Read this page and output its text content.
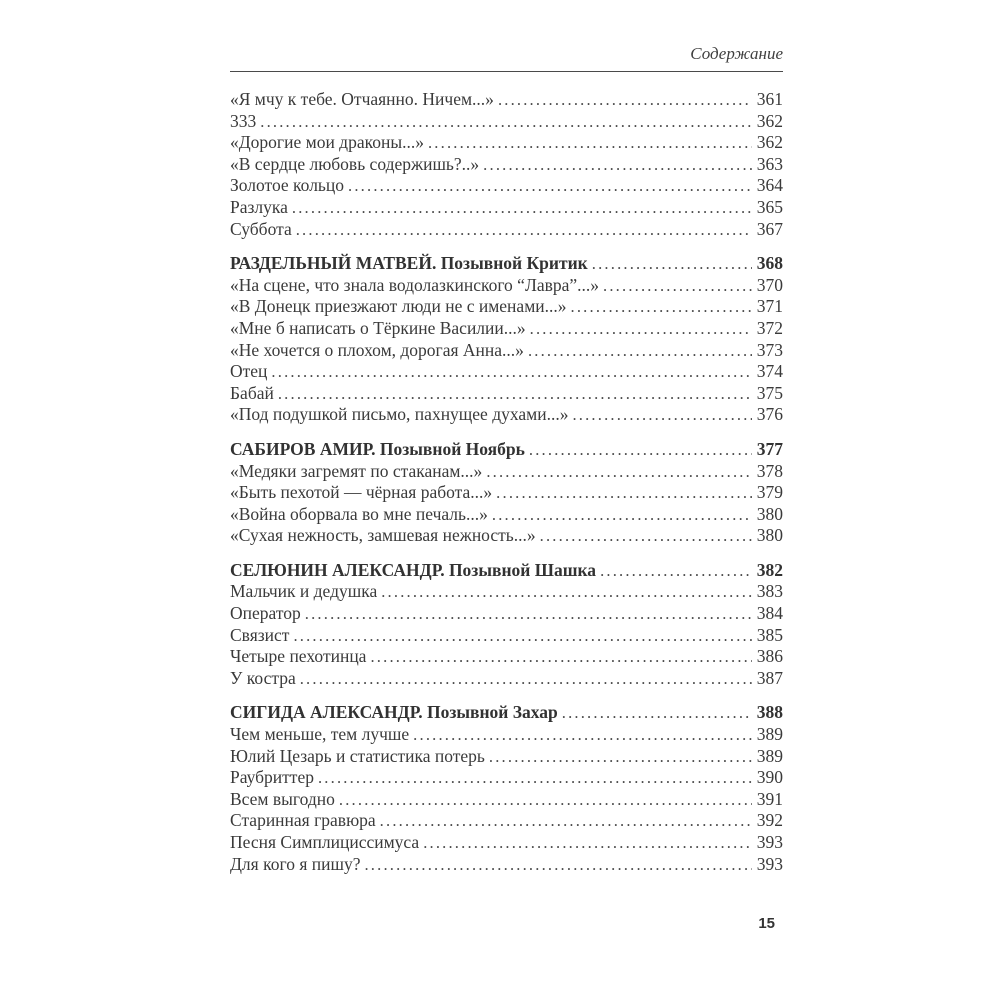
Содержание
«Я мчу к тебе. Отчаянно. Ничем...» .....	361
333 .....	362
«Дорогие мои драконы...» .....	362
«В сердце любовь содержишь?..» .....	363
Золотое кольцо .....	364
Разлука .....	365
Суббота .....	367
РАЗДЕЛЬНЫЙ МАТВЕЙ. Позывной Критик .....	368
«На сцене, что знала водолазкинского “Лавра”...» .....	370
«В Донецк приезжают люди не с именами...» .....	371
«Мне б написать о Тёркине Василии...» .....	372
«Не хочется о плохом, дорогая Анна...» .....	373
Отец .....	374
Бабай .....	375
«Под подушкой письмо, пахнущее духами...» .....	376
САБИРОВ АМИР. Позывной Ноябрь .....	377
«Медяки загремят по стаканам...» .....	378
«Быть пехотой — чёрная работа...» .....	379
«Война оборвала во мне печаль...» .....	380
«Сухая нежность, замшевая нежность...» .....	380
СЕЛЮНИН АЛЕКСАНДР. Позывной Шашка .....	382
Мальчик и дедушка .....	383
Оператор .....	384
Связист .....	385
Четыре пехотинца .....	386
У костра .....	387
СИГИДА АЛЕКСАНДР. Позывной Захар .....	388
Чем меньше, тем лучше .....	389
Юлий Цезарь и статистика потерь .....	389
Раубриттер .....	390
Всем выгодно .....	391
Старинная гравюра .....	392
Песня Симплициссимуса .....	393
Для кого я пишу? .....	393
15
